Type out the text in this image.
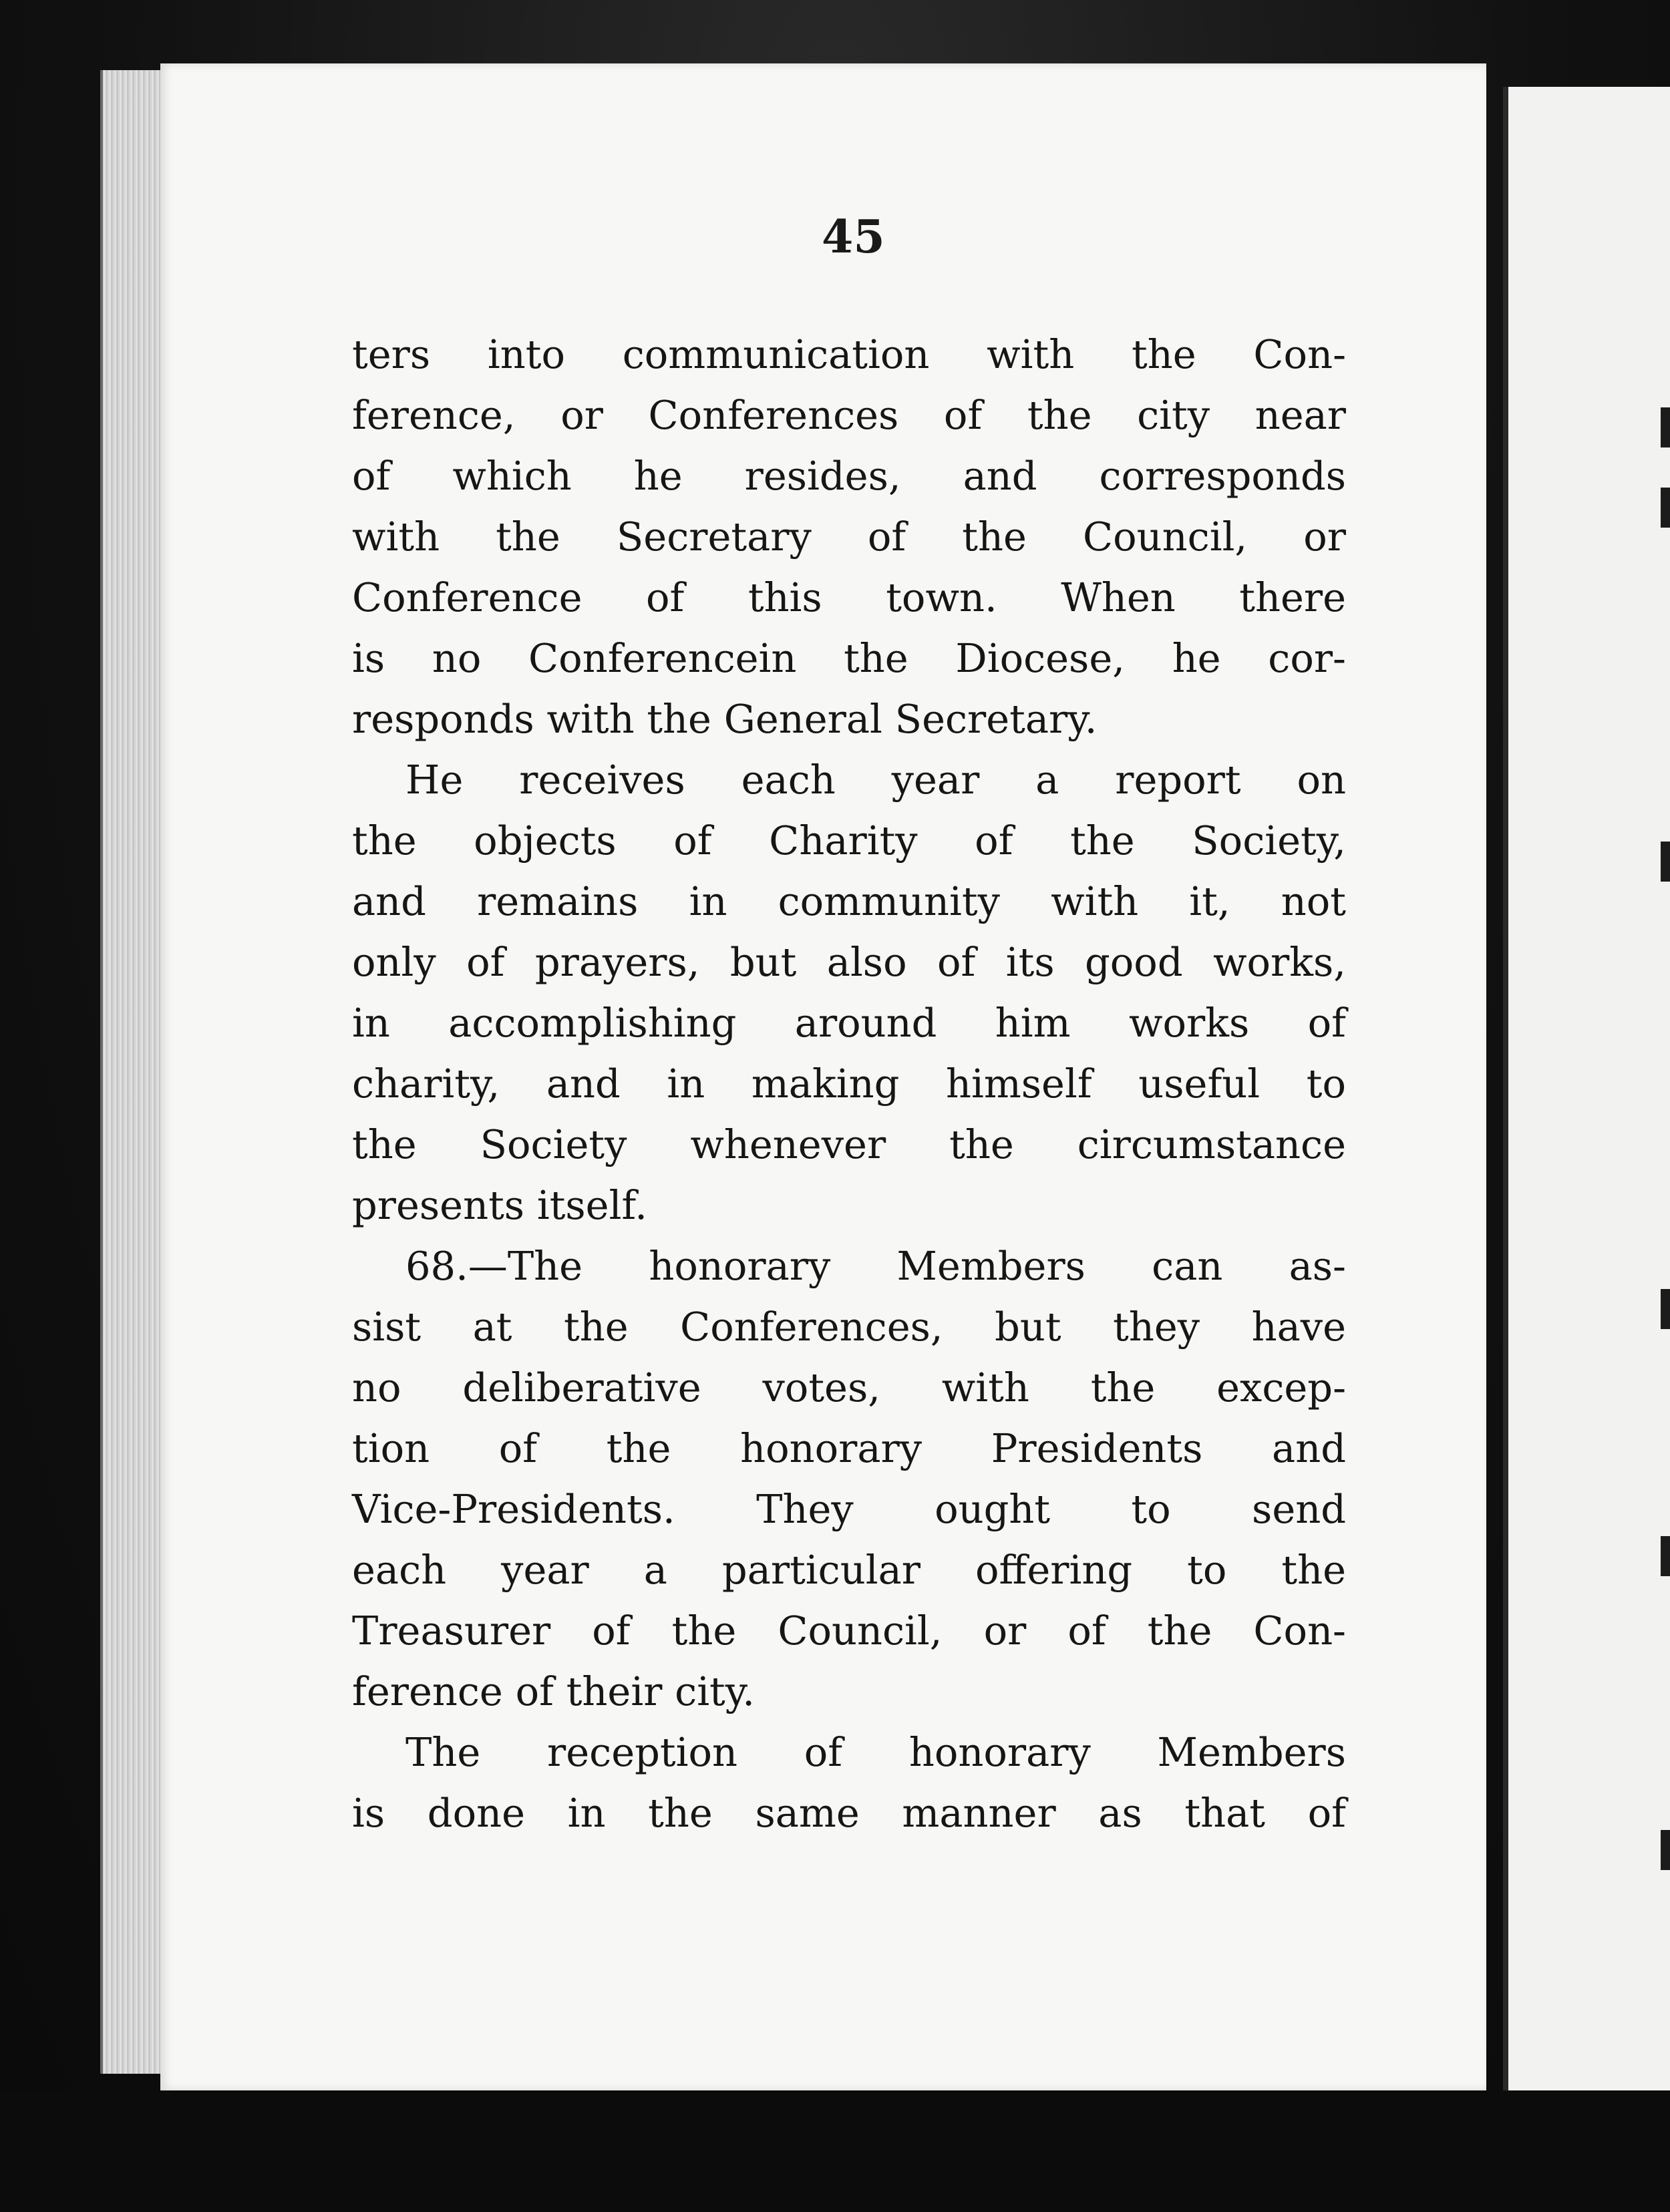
45
ters into communication with the Con-
ference, or Conferences of the city near
of which he resides, and corresponds
with the Secretary of the Council, or
Conference of this town. When there
is no Conferencein the Diocese, he cor-
responds with the General Secretary.
He receives each year a report on
the objects of Charity of the Society,
and remains in community with it, not
only of prayers, but also of its good works,
in accomplishing around him works of
charity, and in making himself useful to
the Society whenever the circumstance
presents itself.
68.—The honorary Members can as-
sist at the Conferences, but they have
no deliberative votes, with the excep-
tion of the honorary Presidents and
Vice-Presidents. They ought to send
each year a particular offering to the
Treasurer of the Council, or of the Con-
ference of their city.
The reception of honorary Members
is done in the same manner as that of
